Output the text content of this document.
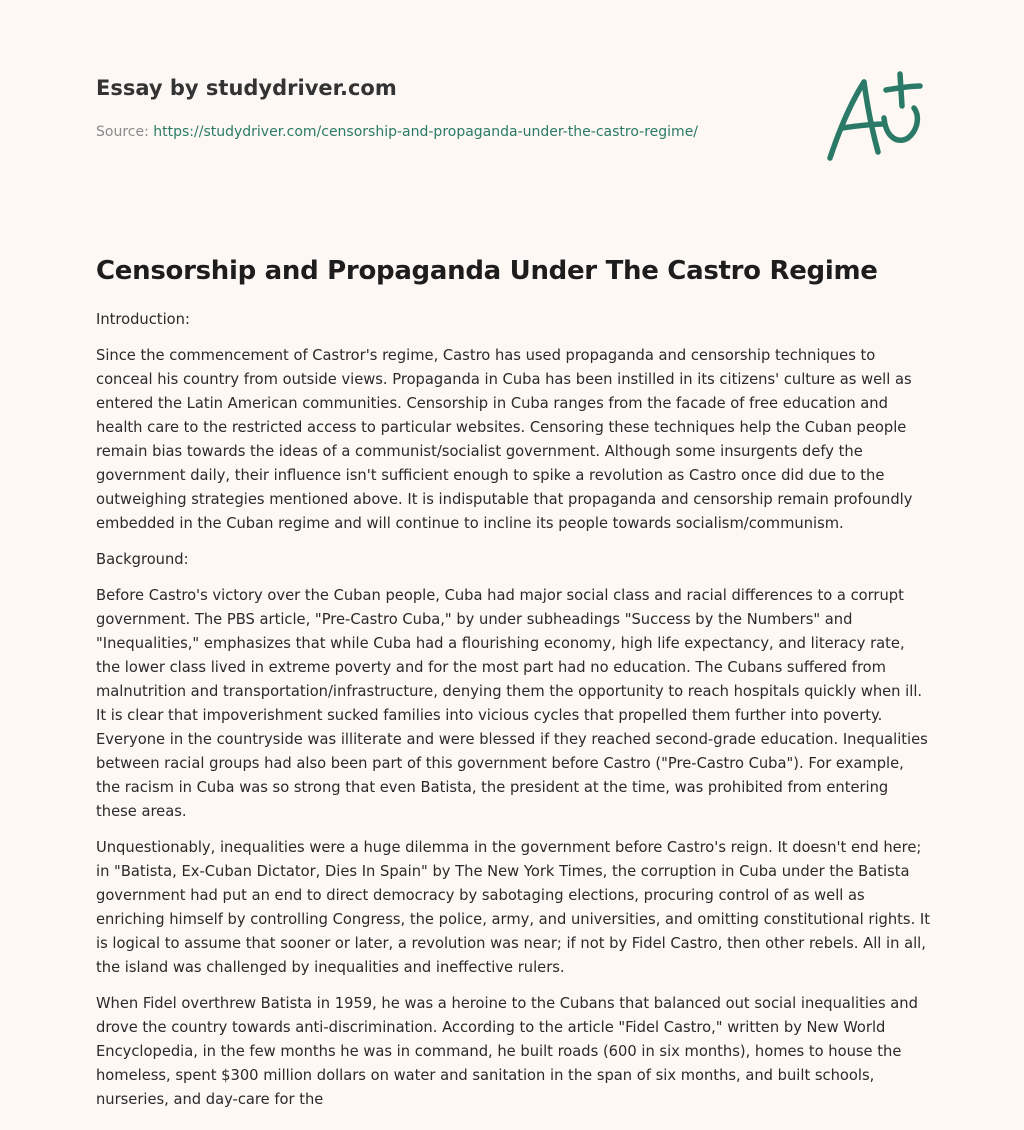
Essay by studydriver.com
Source: https://studydriver.com/censorship-and-propaganda-under-the-castro-regime/
Censorship and Propaganda Under The Castro Regime

Introduction:

Since the commencement of Castror's regime, Castro has used propaganda and censorship techniques to conceal his country from outside views. Propaganda in Cuba has been instilled in its citizens' culture as well as entered the Latin American communities. Censorship in Cuba ranges from the facade of free education and health care to the restricted access to particular websites. Censoring these techniques help the Cuban people remain bias towards the ideas of a communist/socialist government. Although some insurgents defy the government daily, their influence isn't sufficient enough to spike a revolution as Castro once did due to the outweighing strategies mentioned above. It is indisputable that propaganda and censorship remain profoundly embedded in the Cuban regime and will continue to incline its people towards socialism/communism.

Background:

Before Castro's victory over the Cuban people, Cuba had major social class and racial differences to a corrupt government. The PBS article, "Pre-Castro Cuba," by under subheadings "Success by the Numbers" and "Inequalities," emphasizes that while Cuba had a flourishing economy, high life expectancy, and literacy rate, the lower class lived in extreme poverty and for the most part had no education. The Cubans suffered from malnutrition and transportation/infrastructure, denying them the opportunity to reach hospitals quickly when ill. It is clear that impoverishment sucked families into vicious cycles that propelled them further into poverty. Everyone in the countryside was illiterate and were blessed if they reached second-grade education. Inequalities between racial groups had also been part of this government before Castro ("Pre-Castro Cuba"). For example, the racism in Cuba was so strong that even Batista, the president at the time, was prohibited from entering these areas.

Unquestionably, inequalities were a huge dilemma in the government before Castro's reign. It doesn't end here; in "Batista, Ex-Cuban Dictator, Dies In Spain" by The New York Times, the corruption in Cuba under the Batista government had put an end to direct democracy by sabotaging elections, procuring control of as well as enriching himself by controlling Congress, the police, army, and universities, and omitting constitutional rights. It is logical to assume that sooner or later, a revolution was near; if not by Fidel Castro, then other rebels. All in all, the island was challenged by inequalities and ineffective rulers.

When Fidel overthrew Batista in 1959, he was a heroine to the Cubans that balanced out social inequalities and drove the country towards anti-discrimination. According to the article "Fidel Castro," written by New World Encyclopedia, in the few months he was in command, he built roads (600 in six months), homes to house the homeless, spent $300 million dollars on water and sanitation in the span of six months, and built schools, nurseries, and day-care for the
